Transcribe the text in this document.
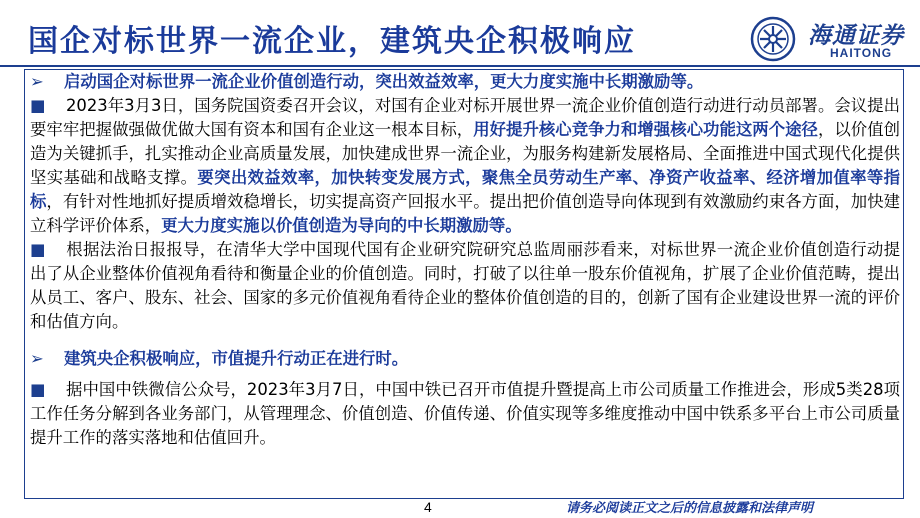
国企对标世界一流企业，建筑央企积极响应	海通证券
HAITONG

➢ 启动国企对标世界一流企业价值创造行动，突出效益效率，更大力度实施中长期激励等。

■ 2023年3月3日，国务院国资委召开会议，对国有企业对标开展世界一流企业价值创造行动进行动员部署。会议提出要牢牢把握做强做优做大国有资本和国有企业这一根本目标，用好提升核心竞争力和增强核心功能这两个途径，以价值创造为关键抓手，扎实推动企业高质量发展，加快建成世界一流企业，为服务构建新发展格局、全面推进中国式现代化提供坚实基础和战略支撑。要突出效益效率，加快转变发展方式，聚焦全员劳动生产率、净资产收益率、经济增加值率等指标，有针对性地抓好提质增效稳增长，切实提高资产回报水平。提出把价值创造导向体现到有效激励约束各方面，加快建立科学评价体系，更大力度实施以价值创造为导向的中长期激励等。

■ 根据法治日报报导，在清华大学中国现代国有企业研究院研究总监周丽莎看来，对标世界一流企业价值创造行动提出了从企业整体价值视角看待和衡量企业的价值创造。同时，打破了以往单一股东价值视角，扩展了企业价值范畴，提出从员工、客户、股东、社会、国家的多元价值视角看待企业的整体价值创造的目的，创新了国有企业建设世界一流的评价和估值方向。

➢ 建筑央企积极响应，市值提升行动正在进行时。

■ 据中国中铁微信公众号，2023年3月7日，中国中铁已召开市值提升暨提高上市公司质量工作推进会，形成5类28项工作任务分解到各业务部门，从管理理念、价值创造、价值传递、价值实现等多维度推动中国中铁系多平台上市公司质量提升工作的落实落地和估值回升。

4	请务必阅读正文之后的信息披露和法律声明
